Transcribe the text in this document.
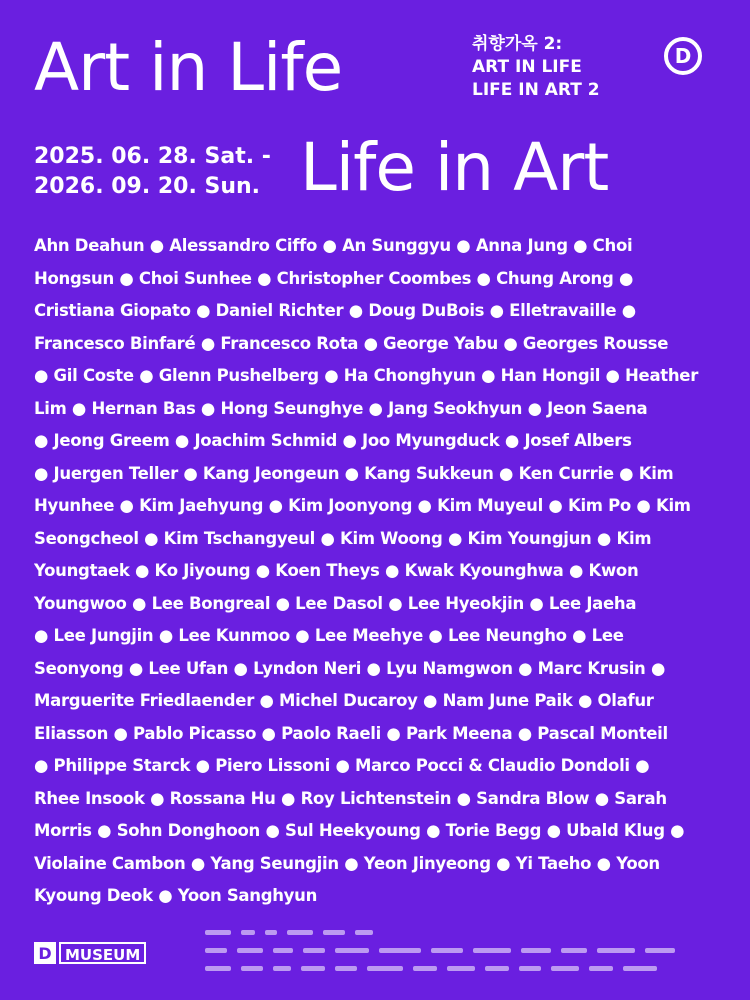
Art in Life	취향가옥 2:
ART IN LIFE
LIFE IN ART 2
D
2025. 06. 28. Sat. -
2026. 09. 20. Sun. Life in Art
Ahn Deahun ● Alessandro Ciffo ● An Sunggyu ● Anna Jung ● Choi
Hongsun ● Choi Sunhee ● Christopher Coombes ● Chung Arong ●
Cristiana Giopato ● Daniel Richter ● Doug DuBois ● Elletravaille ●
Francesco Binfaré ● Francesco Rota ● George Yabu ● Georges Rousse
● Gil Coste ● Glenn Pushelberg ● Ha Chonghyun ● Han Hongil ● Heather
Lim ● Hernan Bas ● Hong Seunghye ● Jang Seokhyun ● Jeon Saena
● Jeong Greem ● Joachim Schmid ● Joo Myungduck ● Josef Albers
● Juergen Teller ● Kang Jeongeun ● Kang Sukkeun ● Ken Currie ● Kim
Hyunhee ● Kim Jaehyung ● Kim Joonyong ● Kim Muyeul ● Kim Po ● Kim
Seongcheol ● Kim Tschangyeul ● Kim Woong ● Kim Youngjun ● Kim
Youngtaek ● Ko Jiyoung ● Koen Theys ● Kwak Kyounghwa ● Kwon
Youngwoo ● Lee Bongreal ● Lee Dasol ● Lee Hyeokjin ● Lee Jaeha
● Lee Jungjin ● Lee Kunmoo ● Lee Meehye ● Lee Neungho ● Lee
Seonyong ● Lee Ufan ● Lyndon Neri ● Lyu Namgwon ● Marc Krusin ●
Marguerite Friedlaender ● Michel Ducaroy ● Nam June Paik ● Olafur
Eliasson ● Pablo Picasso ● Paolo Raeli ● Park Meena ● Pascal Monteil
● Philippe Starck ● Piero Lissoni ● Marco Pocci & Claudio Dondoli ●
Rhee Insook ● Rossana Hu ● Roy Lichtenstein ● Sandra Blow ● Sarah
Morris ● Sohn Donghoon ● Sul Heekyoung ● Torie Begg ● Ubald Klug ●
Violaine Cambon ● Yang Seungjin ● Yeon Jinyeong ● Yi Taeho ● Yoon
Kyoung Deok ● Yoon Sanghyun
D MUSEUM
